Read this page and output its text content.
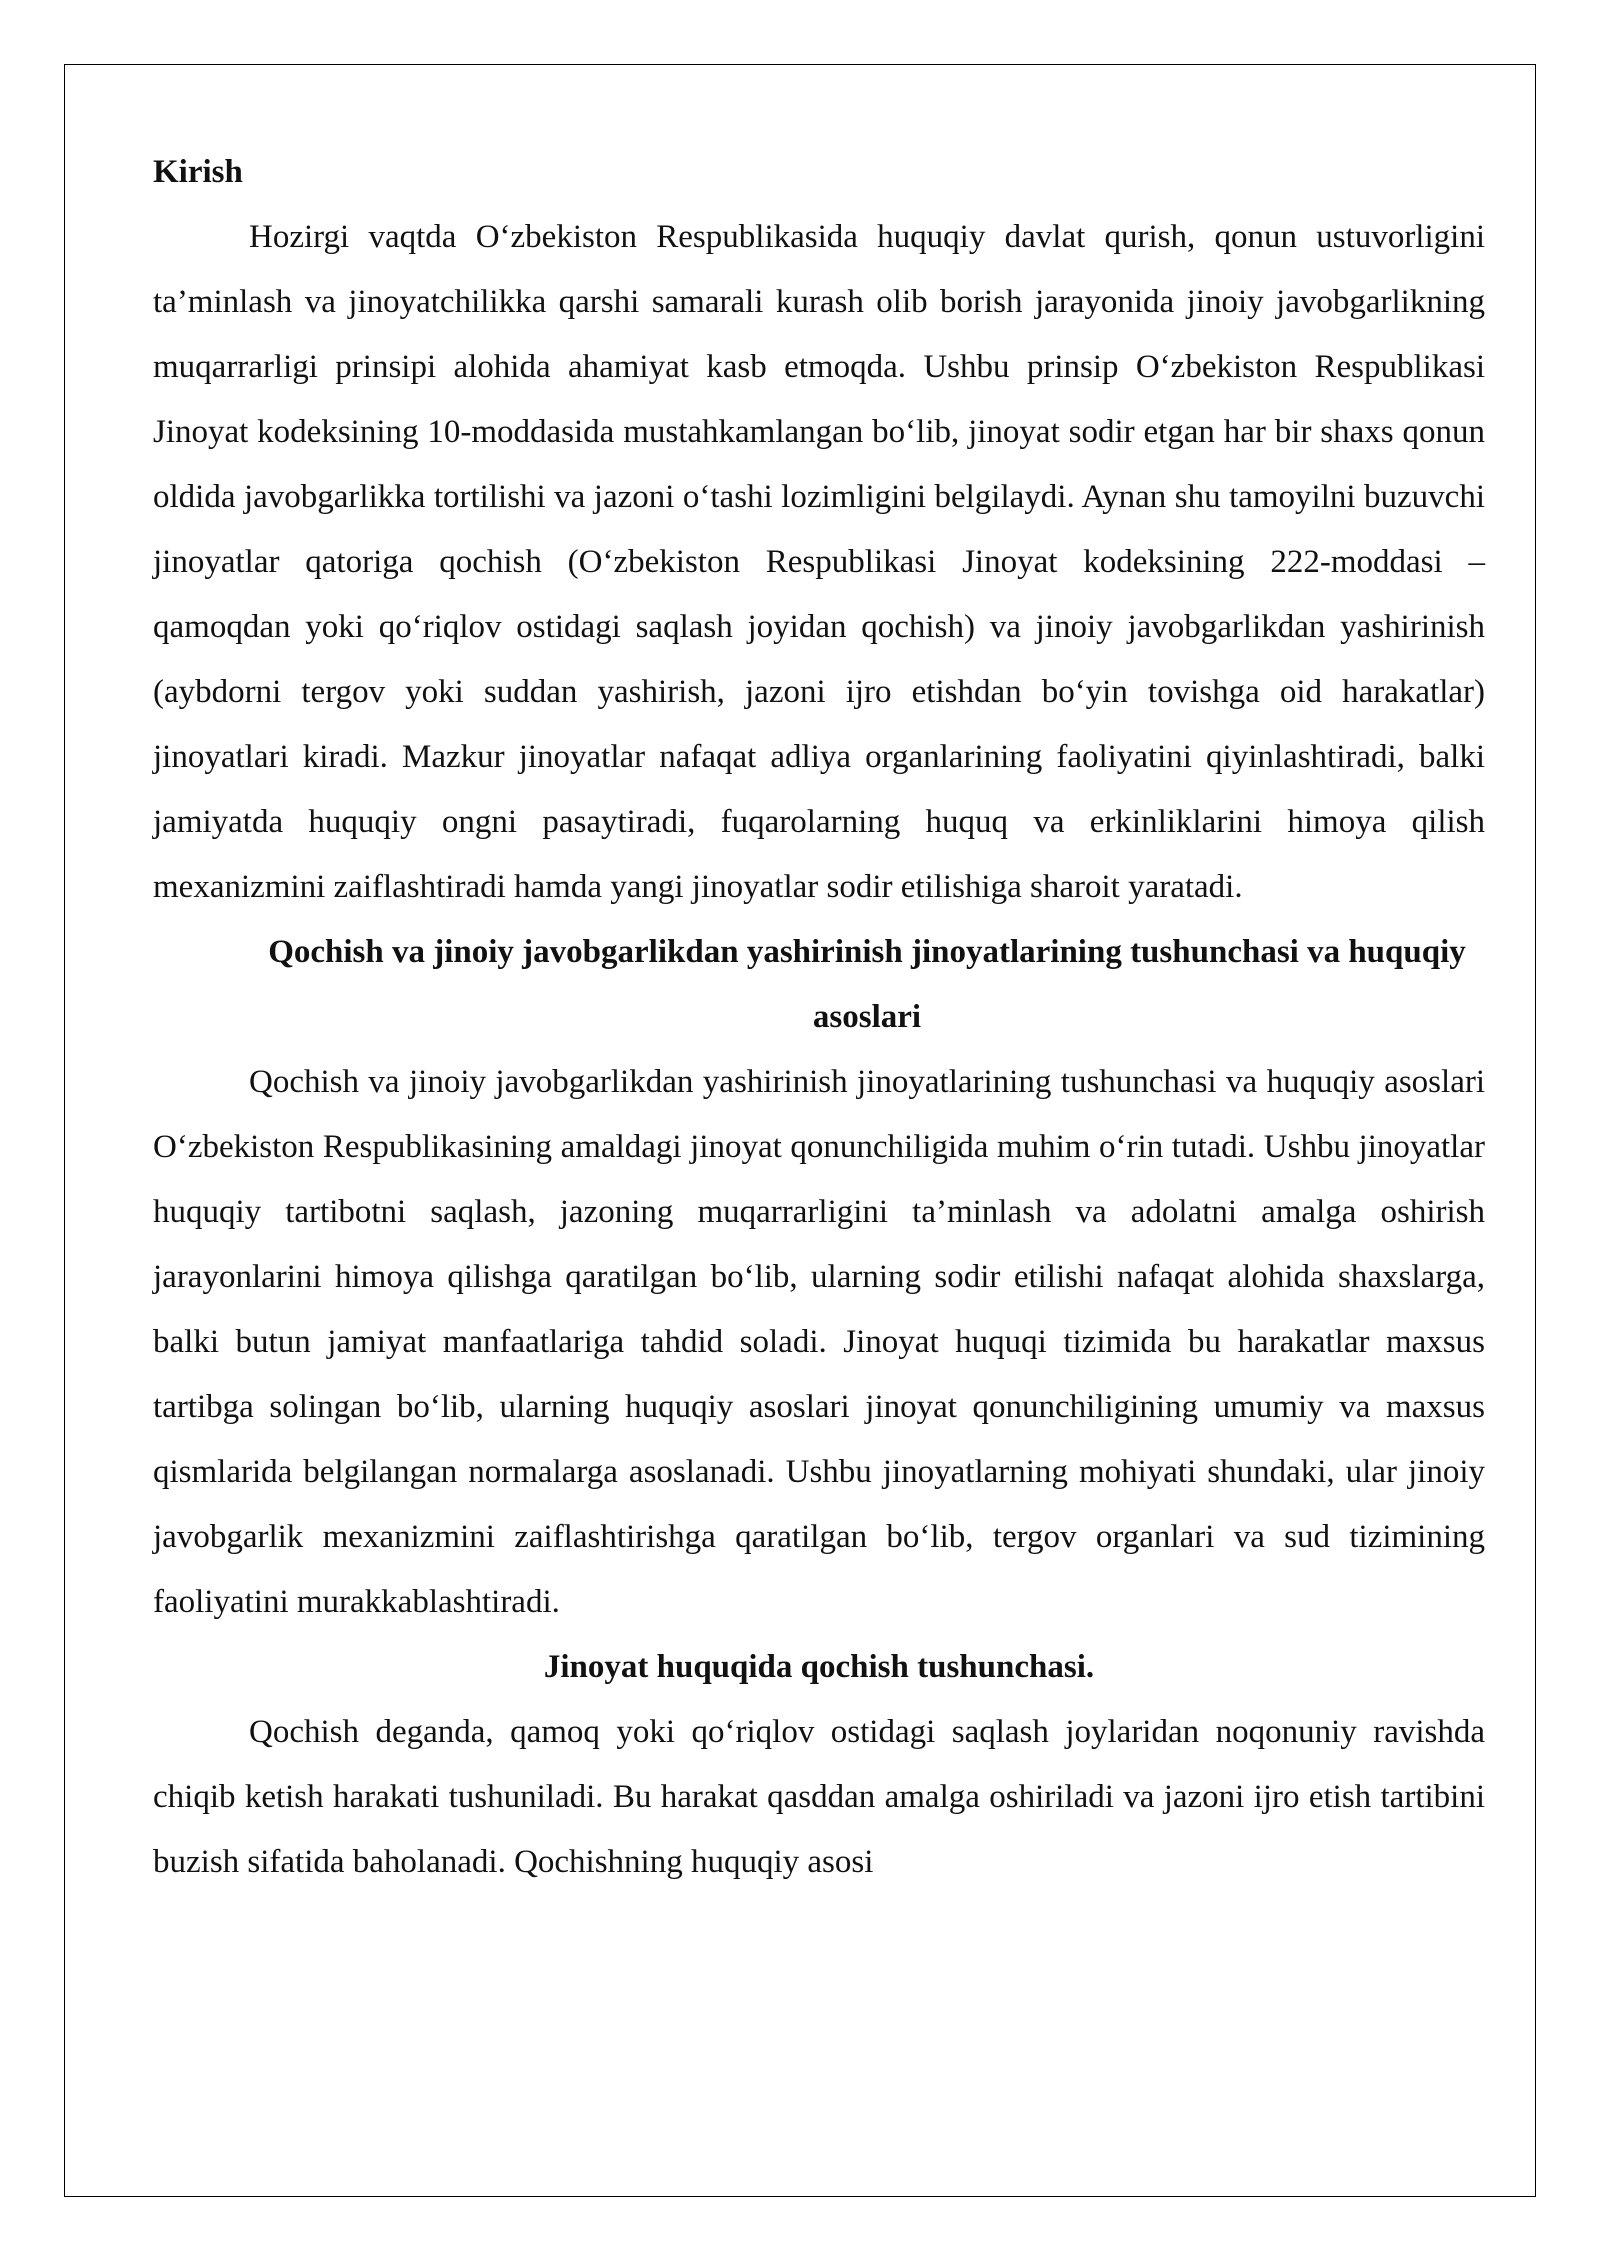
Kirish

Hozirgi vaqtda O‘zbekiston Respublikasida huquqiy davlat qurish, qonun ustuvorligini ta’minlash va jinoyatchilikka qarshi samarali kurash olib borish jarayonida jinoiy javobgarlikning muqarrarligi prinsipi alohida ahamiyat kasb etmoqda. Ushbu prinsip O‘zbekiston Respublikasi Jinoyat kodeksining 10-moddasida mustahkamlangan bo‘lib, jinoyat sodir etgan har bir shaxs qonun oldida javobgarlikka tortilishi va jazoni o‘tashi lozimligini belgilaydi. Aynan shu tamoyilni buzuvchi jinoyatlar qatoriga qochish (O‘zbekiston Respublikasi Jinoyat kodeksining 222-moddasi – qamoqdan yoki qo‘riqlov ostidagi saqlash joyidan qochish) va jinoiy javobgarlikdan yashirinish (aybdorni tergov yoki suddan yashirish, jazoni ijro etishdan bo‘yin tovishga oid harakatlar) jinoyatlari kiradi. Mazkur jinoyatlar nafaqat adliya organlarining faoliyatini qiyinlashtiradi, balki jamiyatda huquqiy ongni pasaytiradi, fuqarolarning huquq va erkinliklarini himoya qilish mexanizmini zaiflashtiradi hamda yangi jinoyatlar sodir etilishiga sharoit yaratadi.

Qochish va jinoiy javobgarlikdan yashirinish jinoyatlarining tushunchasi va huquqiy asoslari

Qochish va jinoiy javobgarlikdan yashirinish jinoyatlarining tushunchasi va huquqiy asoslari O‘zbekiston Respublikasining amaldagi jinoyat qonunchiligida muhim o‘rin tutadi. Ushbu jinoyatlar huquqiy tartibotni saqlash, jazoning muqarrarligini ta’minlash va adolatni amalga oshirish jarayonlarini himoya qilishga qaratilgan bo‘lib, ularning sodir etilishi nafaqat alohida shaxslarga, balki butun jamiyat manfaatlariga tahdid soladi. Jinoyat huquqi tizimida bu harakatlar maxsus tartibga solingan bo‘lib, ularning huquqiy asoslari jinoyat qonunchiligining umumiy va maxsus qismlarida belgilangan normalarga asoslanadi. Ushbu jinoyatlarning mohiyati shundaki, ular jinoiy javobgarlik mexanizmini zaiflashtirishga qaratilgan bo‘lib, tergov organlari va sud tizimining faoliyatini murakkablashtiradi.

Jinoyat huquqida qochish tushunchasi.

Qochish deganda, qamoq yoki qo‘riqlov ostidagi saqlash joylaridan noqonuniy ravishda chiqib ketish harakati tushuniladi. Bu harakat qasddan amalga oshiriladi va jazoni ijro etish tartibini buzish sifatida baholanadi. Qochishning huquqiy asosi
